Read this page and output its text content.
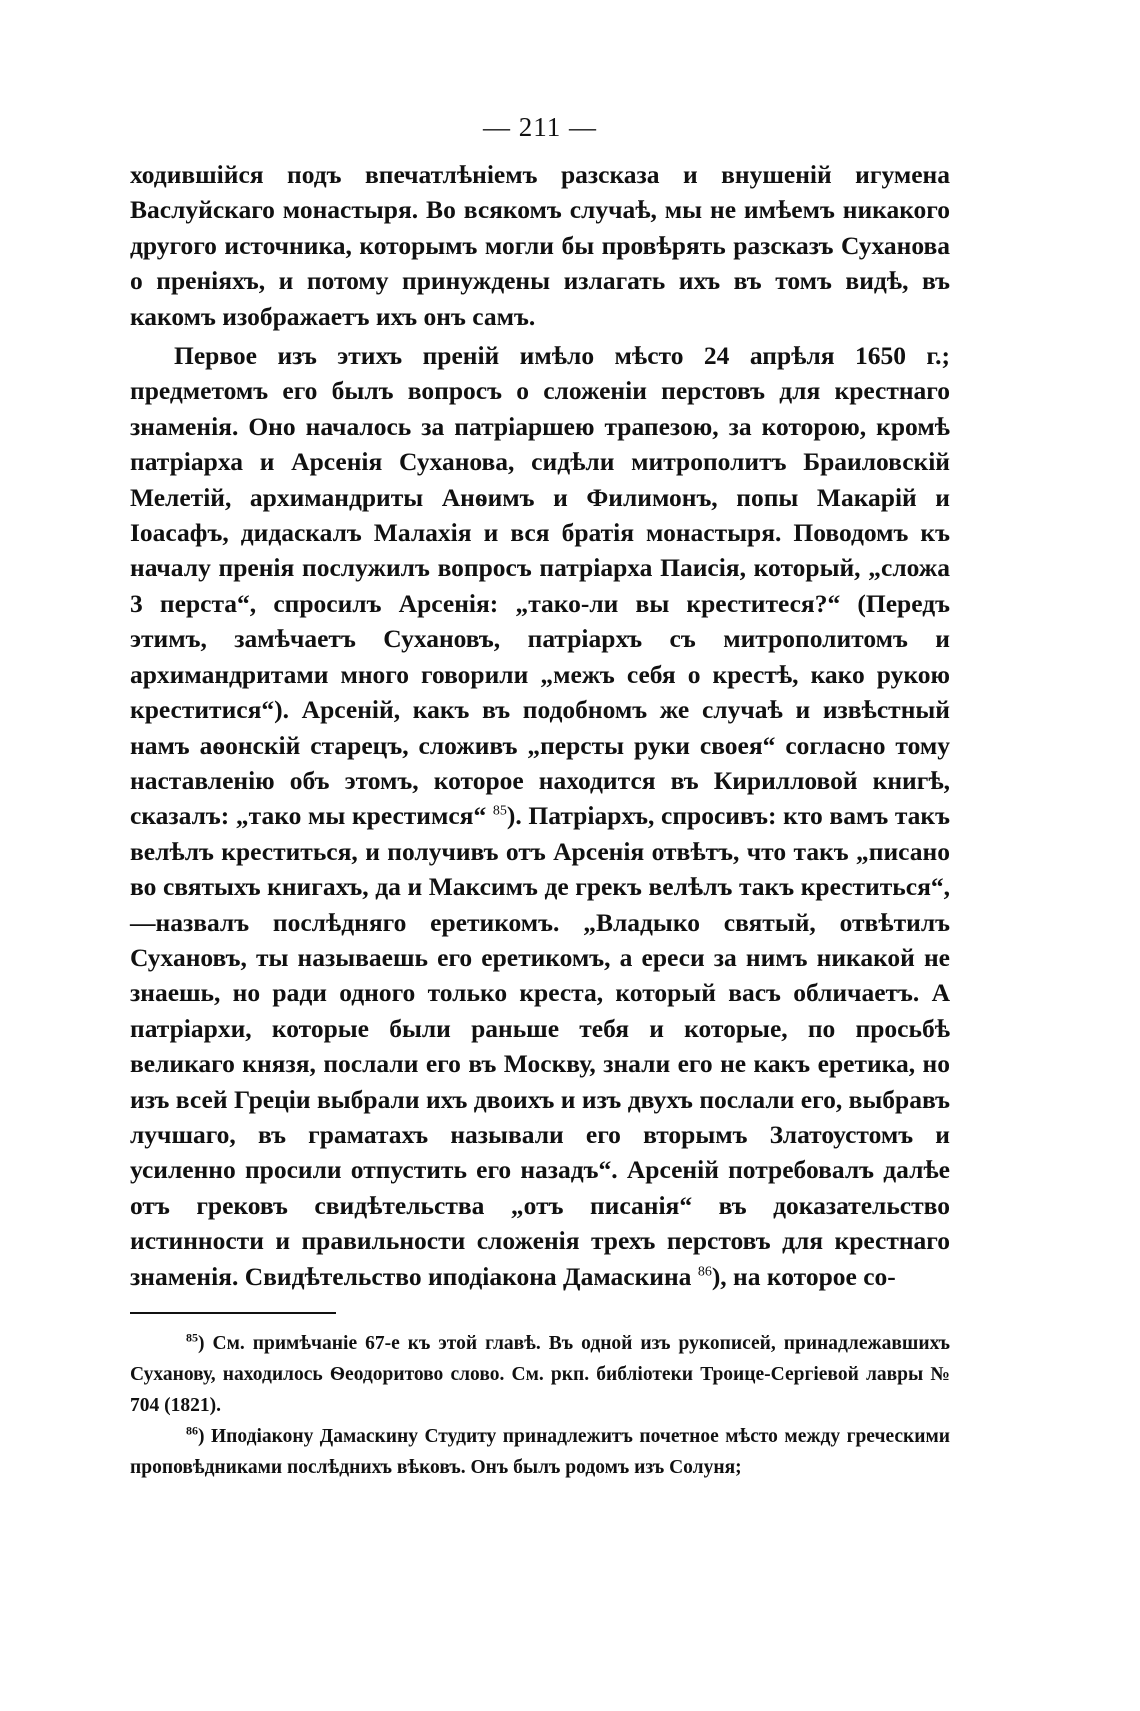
— 211 —

ходившійся подъ впечатлѣніемъ разсказа и внушеній игумена Васлуйскаго монастыря. Во всякомъ случаѣ, мы не имѣемъ никакого другого источника, которымъ могли бы провѣрять разсказъ Суханова о преніяхъ, и потому принуждены излагать ихъ въ томъ видѣ, въ какомъ изображаетъ ихъ онъ самъ.

Первое изъ этихъ преній имѣло мѣсто 24 апрѣля 1650 г.; предметомъ его былъ вопросъ о сложеніи перстовъ для крестнаго знаменія. Оно началось за патріаршею трапезою, за которою, кромѣ патріарха и Арсенія Суханова, сидѣли митрополитъ Браиловскій Мелетій, архимандриты Анѳимъ и Филимонъ, попы Макарій и Іоасафъ, дидаскалъ Малахія и вся братія монастыря. Поводомъ къ началу пренія послужилъ вопросъ патріарха Паисія, который, „сложа 3 перста“, спросилъ Арсенія: „тако-ли вы креститеся?“ (Передъ этимъ, замѣчаетъ Сухановъ, патріархъ съ митрополитомъ и архимандритами много говорили „межъ себя о крестѣ, како рукою креститися“). Арсеній, какъ въ подобномъ же случаѣ и извѣстный намъ аѳонскій старецъ, сложивъ „персты руки своея“ согласно тому наставленію объ этомъ, которое находится въ Кирилловой книгѣ, сказалъ: „тако мы крестимся“ $^{85}$). Патріархъ, спросивъ: кто вамъ такъ велѣлъ креститься, и получивъ отъ Арсенія отвѣтъ, что такъ „писано во святыхъ книгахъ, да и Максимъ де грекъ велѣлъ такъ креститься“,—назвалъ послѣдняго еретикомъ. „Владыко святый, отвѣтилъ Сухановъ, ты называешь его еретикомъ, а ереси за нимъ никакой не знаешь, но ради одного только креста, который васъ обличаетъ. А патріархи, которые были раньше тебя и которые, по просьбѣ великаго князя, послали его въ Москву, знали его не какъ еретика, но изъ всей Греціи выбрали ихъ двоихъ и изъ двухъ послали его, выбравъ лучшаго, въ граматахъ называли его вторымъ Златоустомъ и усиленно просили отпустить его назадъ“. Арсеній потребовалъ далѣе отъ грековъ свидѣтельства „отъ писанія“ въ доказательство истинности и правильности сложенія трехъ перстовъ для крестнаго знаменія. Свидѣтельство иподіакона Дамаскина $^{86}$), на которое со-

$^{85}$) См. примѣчаніе 67-е къ этой главѣ. Въ одной изъ рукописей, принадлежавшихъ Суханову, находилось Ѳеодоритово слово. См. ркп. библіотеки Троице-Сергіевой лавры № 704 (1821).

$^{86}$) Иподіакону Дамаскину Студиту принадлежитъ почетное мѣсто между греческими проповѣдниками послѣднихъ вѣковъ. Онъ былъ родомъ изъ Солуня;
